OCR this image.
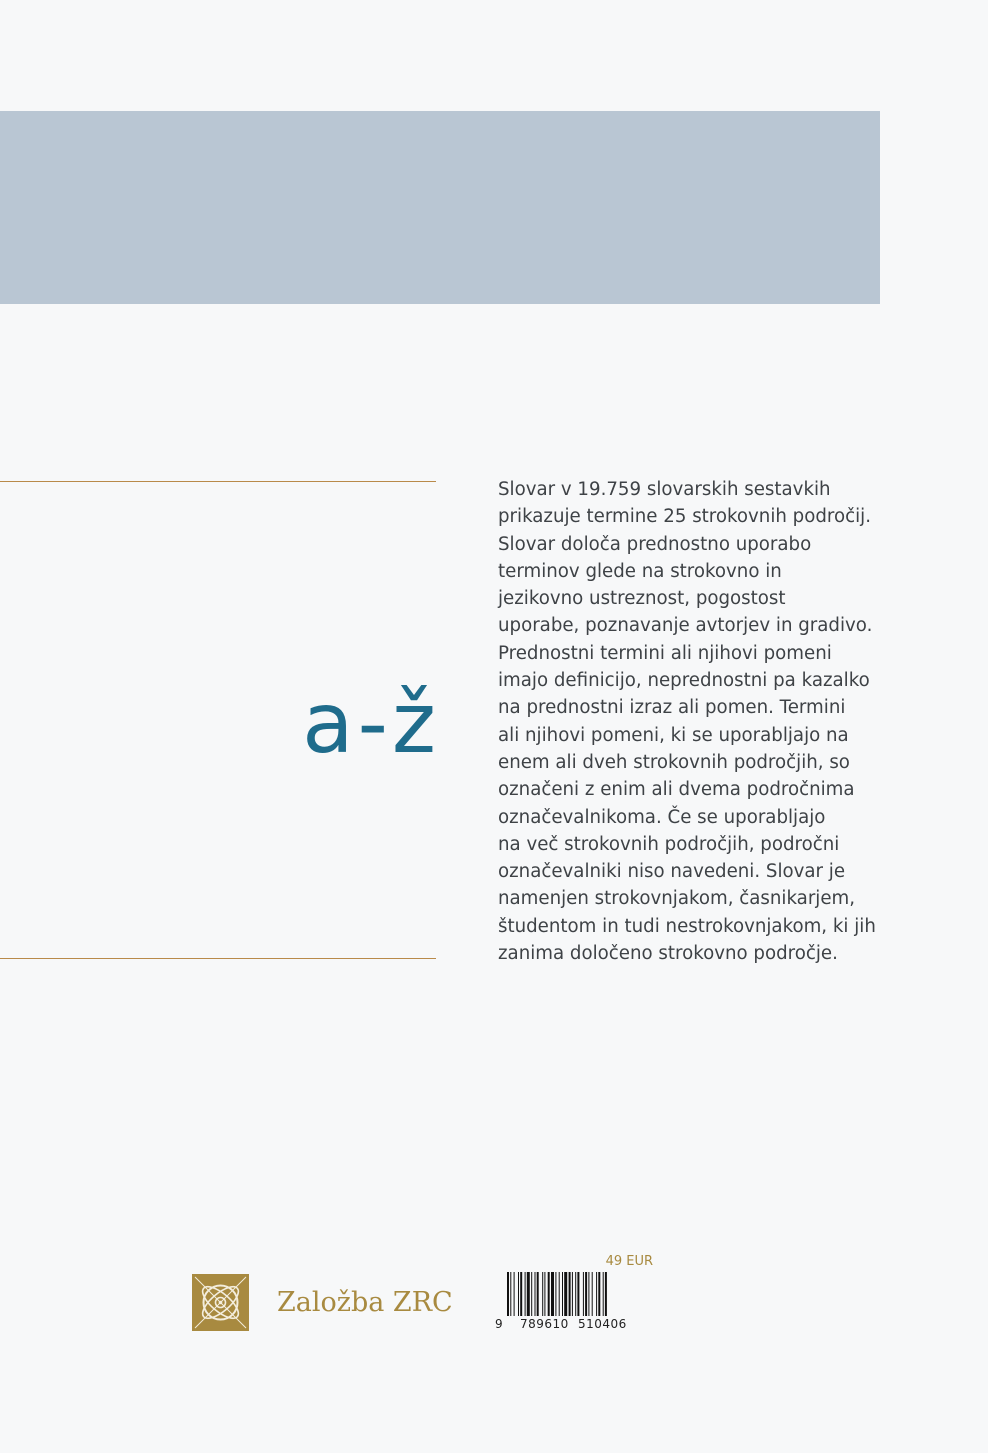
a-ž
Slovar v 19.759 slovarskih sestavkih
prikazuje termine 25 strokovnih področij.
Slovar določa prednostno uporabo
terminov glede na strokovno in
jezikovno ustreznost, pogostost
uporabe, poznavanje avtorjev in gradivo.
Prednostni termini ali njihovi pomeni
imajo definicijo, neprednostni pa kazalko
na prednostni izraz ali pomen. Termini
ali njihovi pomeni, ki se uporabljajo na
enem ali dveh strokovnih področjih, so
označeni z enim ali dvema področnima
označevalnikoma. Če se uporabljajo
na več strokovnih področjih, področni
označevalniki niso navedeni. Slovar je
namenjen strokovnjakom, časnikarjem,
študentom in tudi nestrokovnjakom, ki jih
zanima določeno strokovno področje.
Založba ZRC
49 EUR
9 789610 510406
